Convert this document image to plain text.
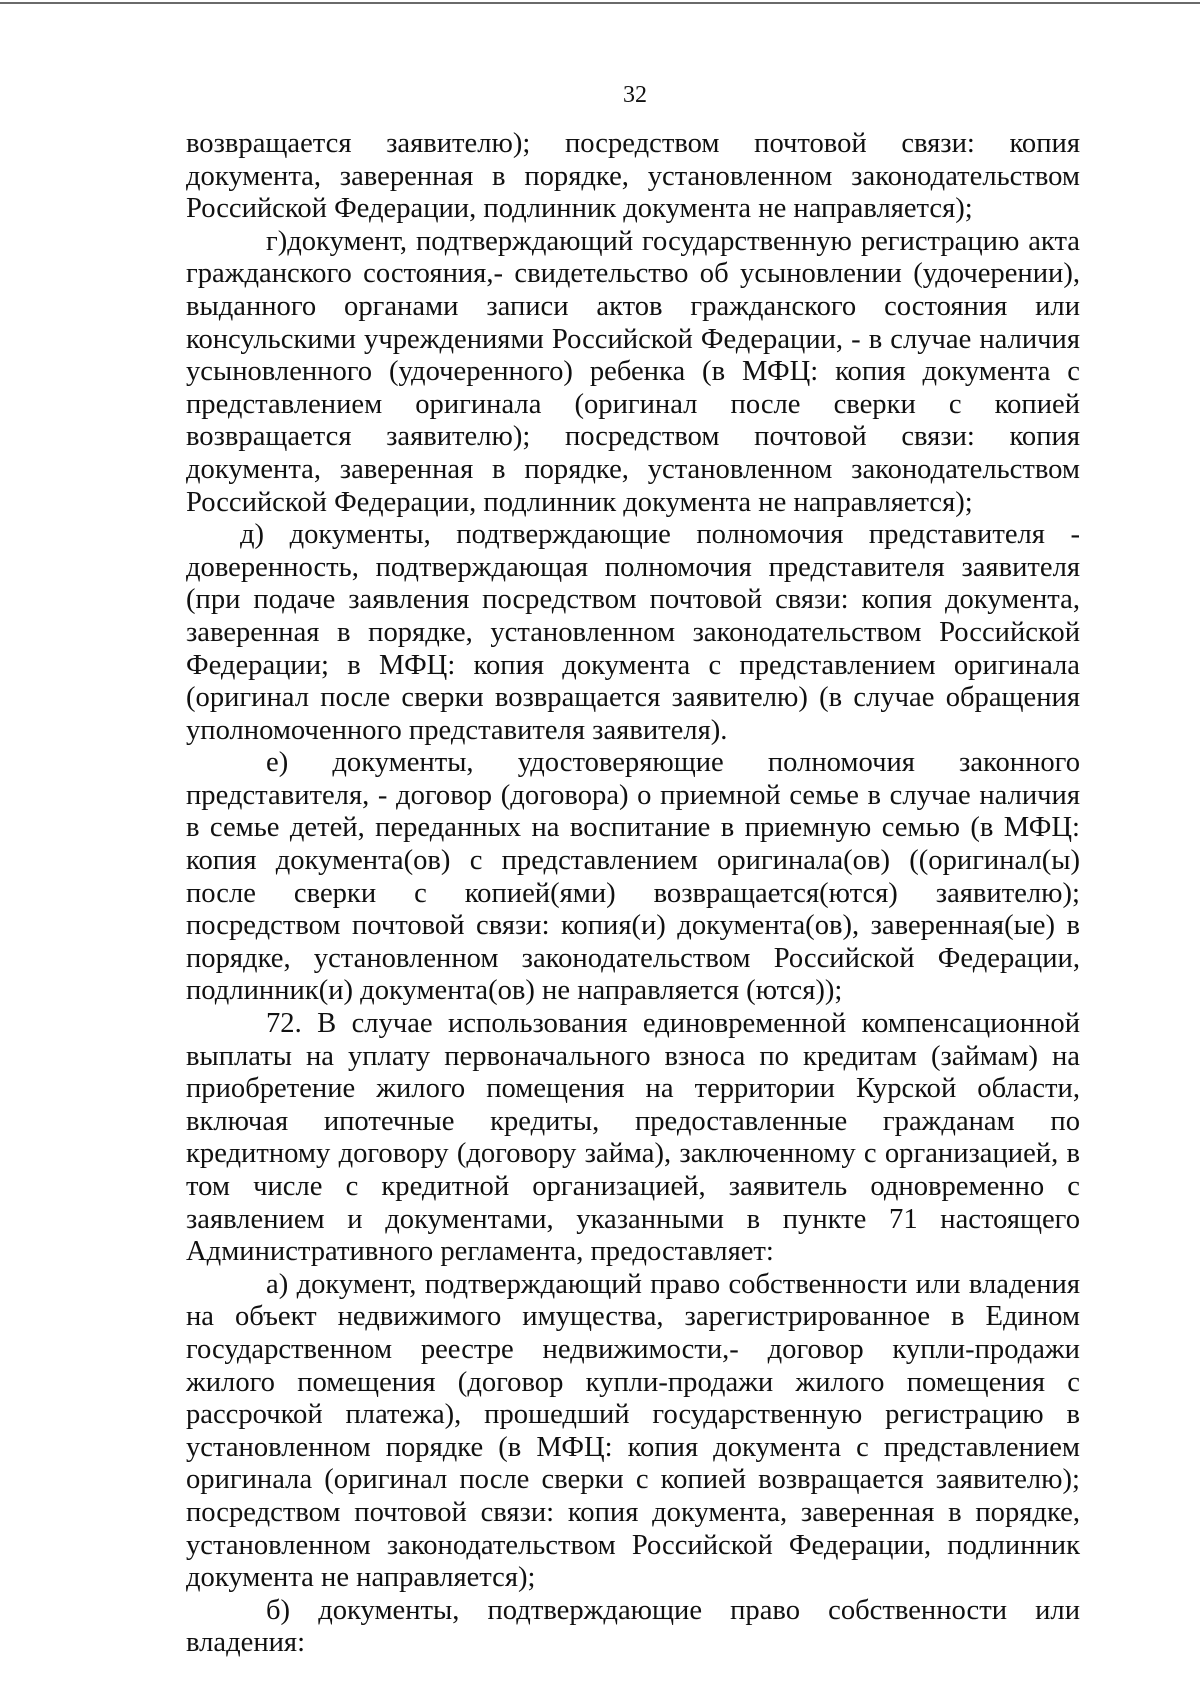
32

возвращается заявителю); посредством почтовой связи: копия документа, заверенная в порядке, установленном законодательством Российской Федерации, подлинник документа не направляется);

г)документ, подтверждающий государственную регистрацию акта гражданского состояния,- свидетельство об усыновлении (удочерении), выданного органами записи актов гражданского состояния или консульскими учреждениями Российской Федерации, - в случае наличия усыновленного (удочеренного) ребенка (в МФЦ: копия документа с представлением оригинала (оригинал после сверки с копией возвращается заявителю); посредством почтовой связи: копия документа, заверенная в порядке, установленном законодательством Российской Федерации, подлинник документа не направляется);

д) документы, подтверждающие полномочия представителя - доверенность, подтверждающая полномочия представителя заявителя (при подаче заявления посредством почтовой связи: копия документа, заверенная в порядке, установленном законодательством Российской Федерации; в МФЦ: копия документа с представлением оригинала (оригинал после сверки возвращается заявителю) (в случае обращения уполномоченного представителя заявителя).

е) документы, удостоверяющие полномочия законного представителя, - договор (договора) о приемной семье в случае наличия в семье детей, переданных на воспитание в приемную семью (в МФЦ: копия документа(ов) с представлением оригинала(ов) ((оригинал(ы) после сверки с копией(ями) возвращается(ются) заявителю); посредством почтовой связи: копия(и) документа(ов), заверенная(ые) в порядке, установленном законодательством Российской Федерации, подлинник(и) документа(ов) не направляется (ются));

72. В случае использования единовременной компенсационной выплаты на уплату первоначального взноса по кредитам (займам) на приобретение жилого помещения на территории Курской области, включая ипотечные кредиты, предоставленные гражданам по кредитному договору (договору займа), заключенному с организацией, в том числе с кредитной организацией, заявитель одновременно с заявлением и документами, указанными в пункте 71 настоящего Административного регламента, предоставляет:

а) документ, подтверждающий право собственности или владения на объект недвижимого имущества, зарегистрированное в Едином государственном реестре недвижимости,- договор купли-продажи жилого помещения (договор купли-продажи жилого помещения с рассрочкой платежа), прошедший государственную регистрацию в установленном порядке (в МФЦ: копия документа с представлением оригинала (оригинал после сверки с копией возвращается заявителю); посредством почтовой связи: копия документа, заверенная в порядке, установленном законодательством Российской Федерации, подлинник документа не направляется);

б) документы, подтверждающие право собственности или владения:
